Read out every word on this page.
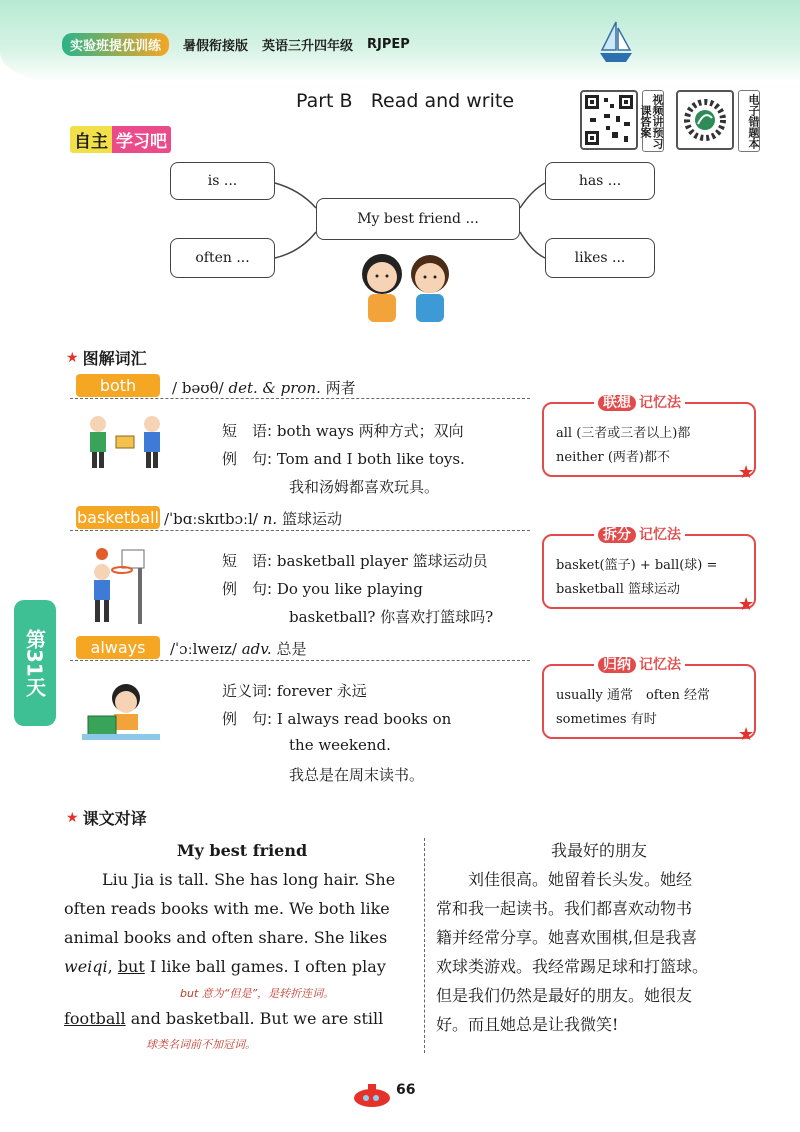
实验班提优训练	暑假衔接版 英语三升四年级 RJPEP
Part B   Read and write	视频讲预习课答案	电子错题本
自主 学习吧
is ...
often ...
My best friend ...
has ...
likes ...
★ 图解词汇
both	/ bəʊθ/ det. & pron. 两者
短　语: both ways 两种方式；双向
例　句: Tom and I both like toys.
我和汤姆都喜欢玩具。
basketball /ˈbɑːskɪtbɔːl/ n. 篮球运动
短　语: basketball player 篮球运动员
例　句: Do you like playing
basketball? 你喜欢打篮球吗?
always	/ˈɔːlweɪz/ adv. 总是
近义词: forever 永远
例　句: I always read books on
the weekend.
我总是在周末读书。
联想 记忆法
all (三者或三者以上)都
neither (两者)都不
拆分 记忆法
basket(篮子) + ball(球) =
basketball 篮球运动
归纳 记忆法
usually 通常　often 经常
sometimes 有时
★
★
★
第31天
★ 课文对译
My best friend
Liu Jia is tall. She has long hair. She
often reads books with me. We both like
animal books and often share. She likes
weiqi, but I like ball games. I often play
but 意为“但是”，是转折连词。
football and basketball. But we are still
球类名词前不加冠词。
我最好的朋友
刘佳很高。她留着长头发。她经
常和我一起读书。我们都喜欢动物书
籍并经常分享。她喜欢围棋,但是我喜
欢球类游戏。我经常踢足球和打篮球。
但是我们仍然是最好的朋友。她很友
好。而且她总是让我微笑!
66
